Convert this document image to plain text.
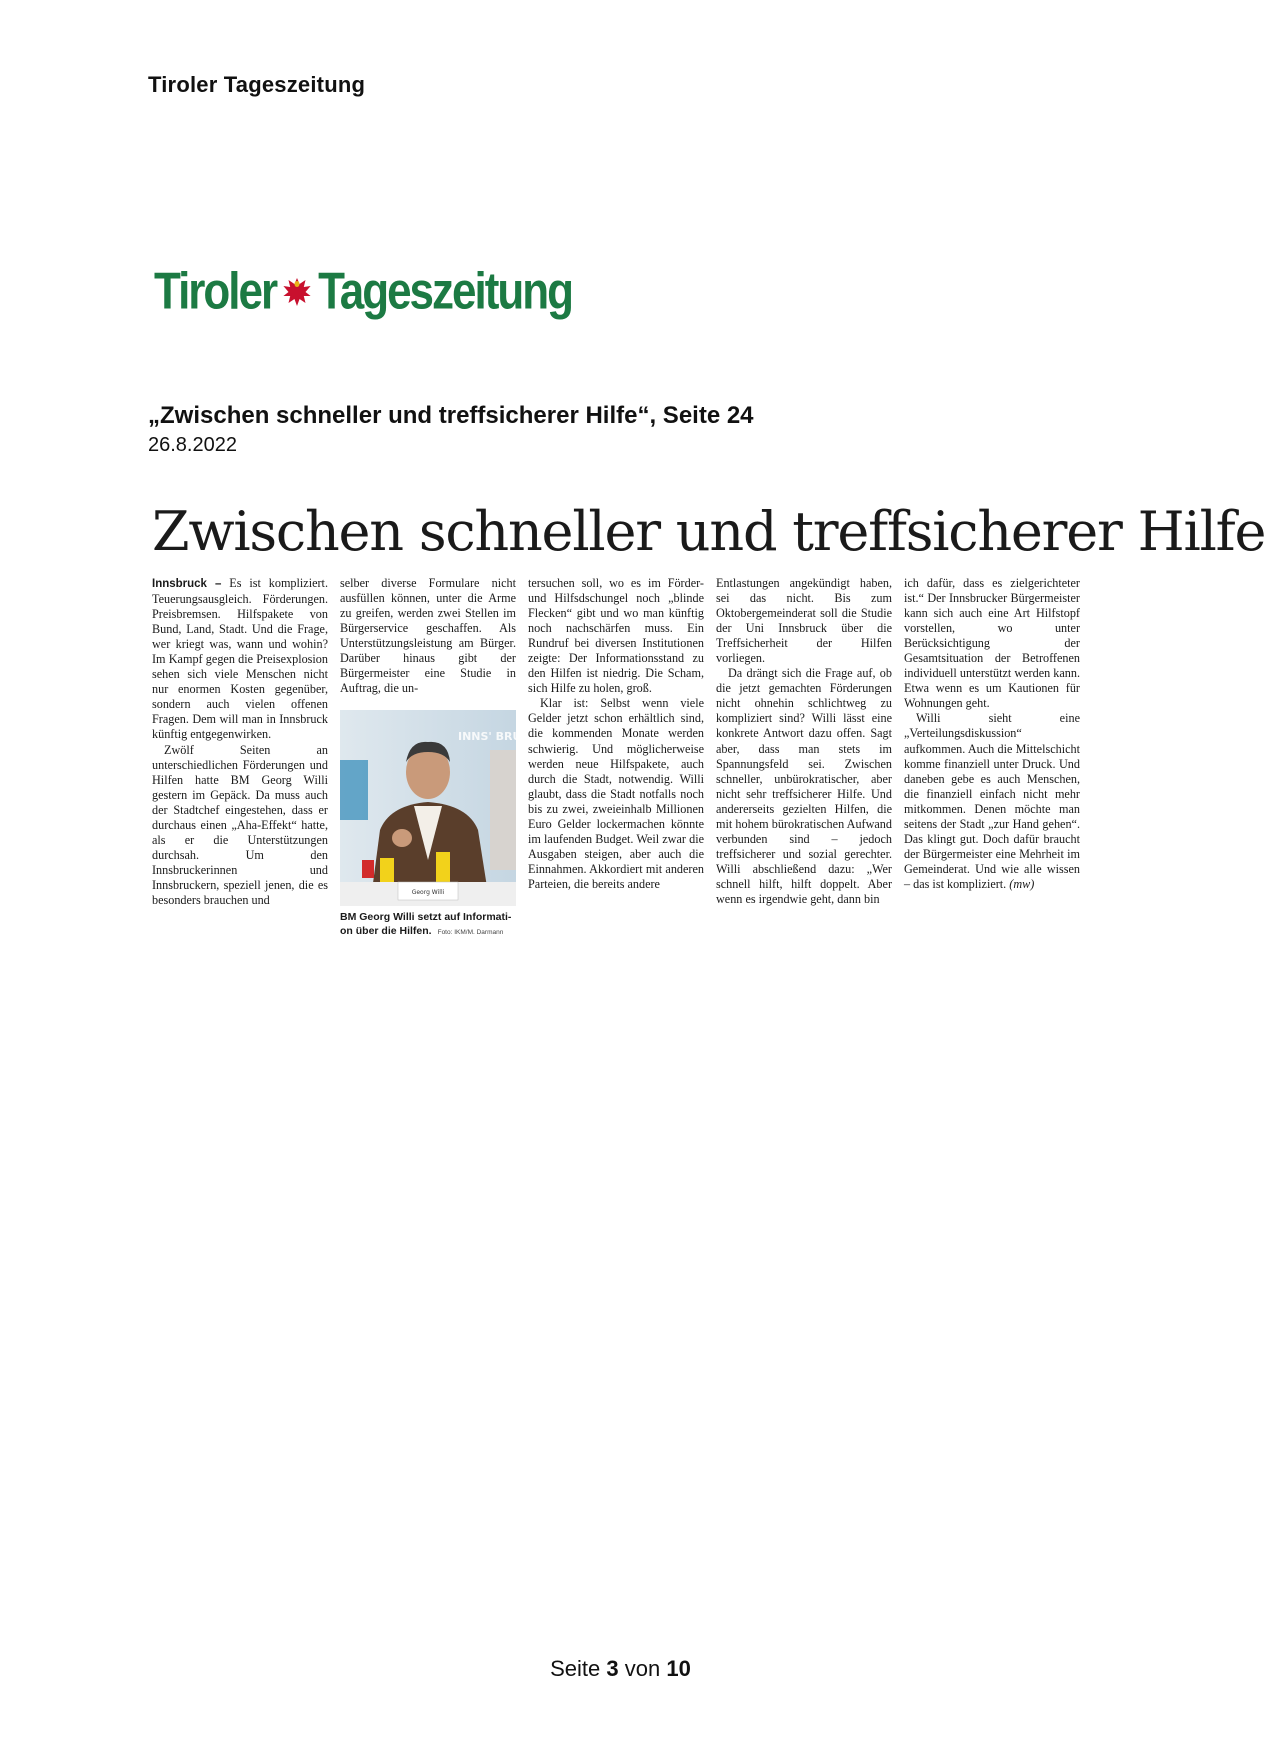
Tiroler Tageszeitung
Tiroler Tageszeitung
„Zwischen schneller und treffsicherer Hilfe“, Seite 24
26.8.2022
Zwischen schneller und treffsicherer Hilfe

Innsbruck – Es ist kompliziert. Teuerungsausgleich. Förderungen. Preisbremsen. Hilfspakete von Bund, Land, Stadt. Und die Frage, wer kriegt was, wann und wohin? Im Kampf gegen die Preisexplosion sehen sich viele Menschen nicht nur enormen Kosten gegenüber, sondern auch vielen offenen Fragen. Dem will man in Innsbruck künftig entgegenwirken.

Zwölf Seiten an unterschiedlichen Förderungen und Hilfen hatte BM Georg Willi gestern im Gepäck. Da muss auch der Stadtchef eingestehen, dass er durchaus einen „Aha-Effekt“ hatte, als er die Unterstützungen durchsah. Um den Innsbruckerinnen und Innsbruckern, speziell jenen, die es besonders brauchen und

selber diverse Formulare nicht ausfüllen können, unter die Arme zu greifen, werden zwei Stellen im Bürgerservice geschaffen. Als Unterstützungsleistung am Bürger. Darüber hinaus gibt der Bürgermeister eine Studie in Auftrag, die un-

INNS' BRUCK
Georg Willi
BM Georg Willi setzt auf Information über die Hilfen. Foto: IKM/M. Darmann

tersuchen soll, wo es im Förder- und Hilfsdschungel noch „blinde Flecken“ gibt und wo man künftig noch nachschärfen muss. Ein Rundruf bei diversen Institutionen zeigte: Der Informationsstand zu den Hilfen ist niedrig. Die Scham, sich Hilfe zu holen, groß.

Klar ist: Selbst wenn viele Gelder jetzt schon erhältlich sind, die kommenden Monate werden schwierig. Und möglicherweise werden neue Hilfspakete, auch durch die Stadt, notwendig. Willi glaubt, dass die Stadt notfalls noch bis zu zwei, zweieinhalb Millionen Euro Gelder lockermachen könnte im laufenden Budget. Weil zwar die Ausgaben steigen, aber auch die Einnahmen. Akkordiert mit anderen Parteien, die bereits andere

Entlastungen angekündigt haben, sei das nicht. Bis zum Oktobergemeinderat soll die Studie der Uni Innsbruck über die Treffsicherheit der Hilfen vorliegen.

Da drängt sich die Frage auf, ob die jetzt gemachten Förderungen nicht ohnehin schlichtweg zu kompliziert sind? Willi lässt eine konkrete Antwort dazu offen. Sagt aber, dass man stets im Spannungsfeld sei. Zwischen schneller, unbürokratischer, aber nicht sehr treffsicherer Hilfe. Und andererseits gezielten Hilfen, die mit hohem bürokratischen Aufwand verbunden sind – jedoch treffsicherer und sozial gerechter. Willi abschließend dazu: „Wer schnell hilft, hilft doppelt. Aber wenn es irgendwie geht, dann bin

ich dafür, dass es zielgerichteter ist.“ Der Innsbrucker Bürgermeister kann sich auch eine Art Hilfstopf vorstellen, wo unter Berücksichtigung der Gesamtsituation der Betroffenen individuell unterstützt werden kann. Etwa wenn es um Kautionen für Wohnungen geht.

Willi sieht eine „Verteilungsdiskussion“ aufkommen. Auch die Mittelschicht komme finanziell unter Druck. Und daneben gebe es auch Menschen, die finanziell einfach nicht mehr mitkommen. Denen möchte man seitens der Stadt „zur Hand gehen“. Das klingt gut. Doch dafür braucht der Bürgermeister eine Mehrheit im Gemeinderat. Und wie alle wissen – das ist kompliziert. (mw)

Seite 3 von 10
